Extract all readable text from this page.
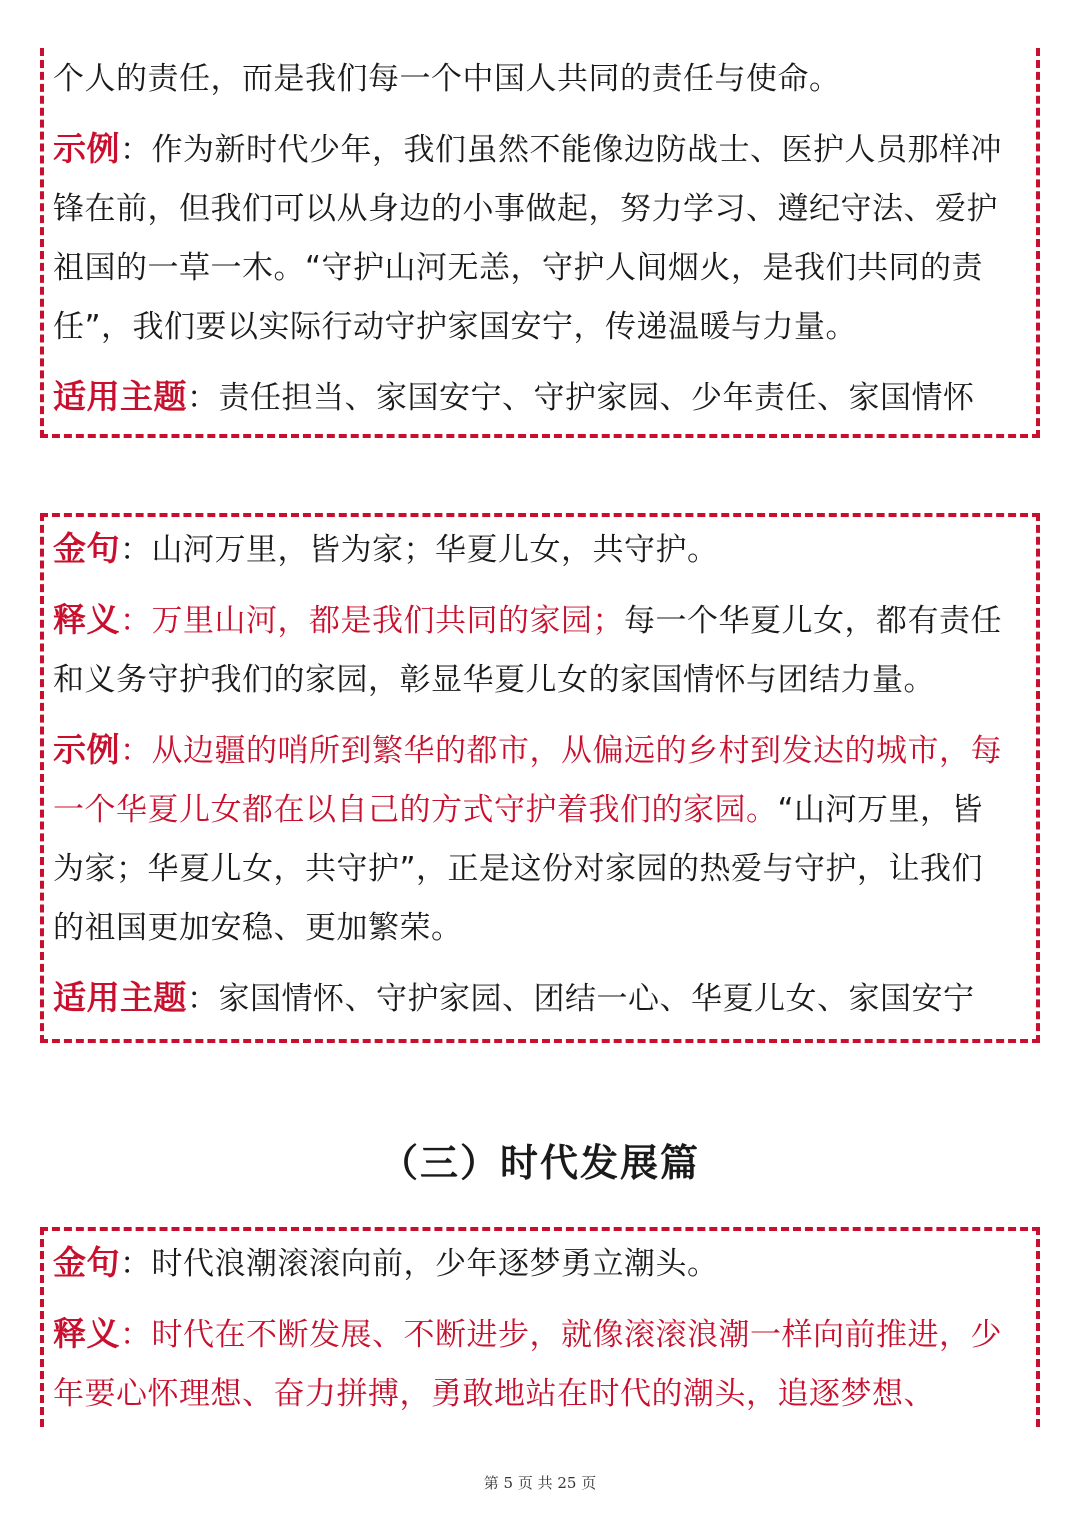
个人的责任，而是我们每一个中国人共同的责任与使命。

示例：作为新时代少年，我们虽然不能像边防战士、医护人员那样冲锋在前，但我们可以从身边的小事做起，努力学习、遵纪守法、爱护祖国的一草一木。“守护山河无恙，守护人间烟火，是我们共同的责任”，我们要以实际行动守护家国安宁，传递温暖与力量。

适用主题：责任担当、家国安宁、守护家园、少年责任、家国情怀

金句：山河万里，皆为家；华夏儿女，共守护。

释义：万里山河，都是我们共同的家园；每一个华夏儿女，都有责任和义务守护我们的家园，彰显华夏儿女的家国情怀与团结力量。

示例：从边疆的哨所到繁华的都市，从偏远的乡村到发达的城市，每一个华夏儿女都在以自己的方式守护着我们的家园。“山河万里，皆为家；华夏儿女，共守护”，正是这份对家园的热爱与守护，让我们的祖国更加安稳、更加繁荣。

适用主题：家国情怀、守护家园、团结一心、华夏儿女、家国安宁

（三）时代发展篇

金句：时代浪潮滚滚向前，少年逐梦勇立潮头。

释义：时代在不断发展、不断进步，就像滚滚浪潮一样向前推进，少年要心怀理想、奋力拼搏，勇敢地站在时代的潮头，追逐梦想、

第 5 页 共 25 页
